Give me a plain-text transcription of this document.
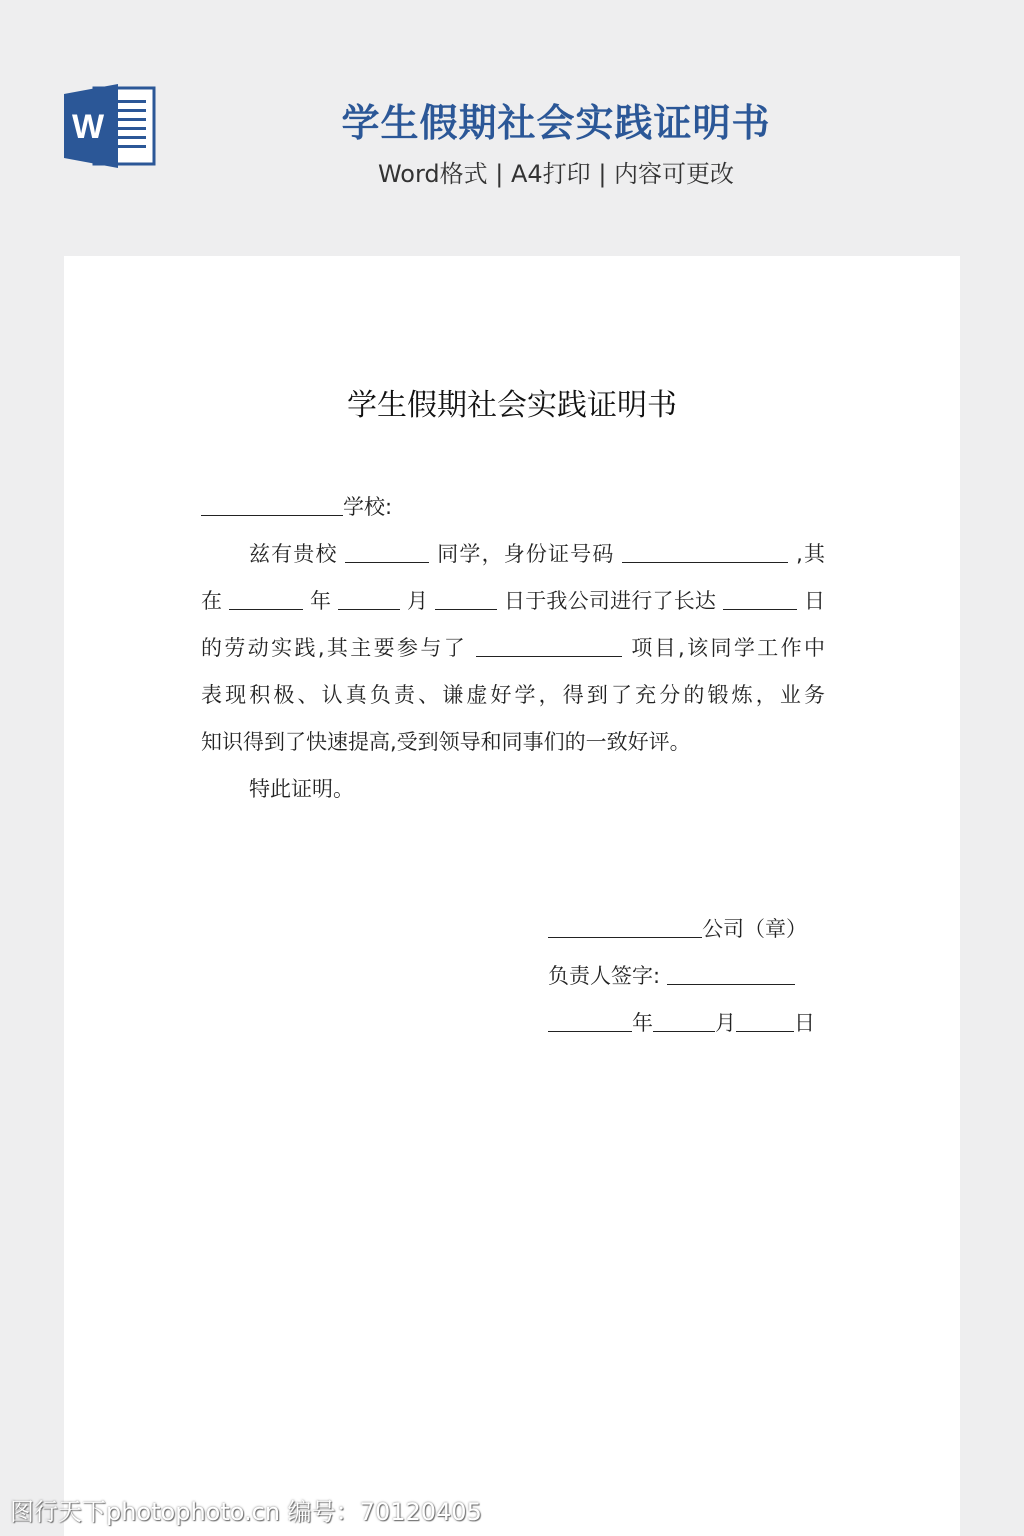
W	学生假期社会实践证明书
Word格式 | A4打印 | 内容可更改
学生假期社会实践证明书
学校:
兹有贵校	同学，身份证号码	,其
在	年	月	日于我公司进行了长达	日
的劳动实践,其主要参与了	项目,该同学工作中
表现积极、认真负责、谦虚好学，得到了充分的锻炼，业务
知识得到了快速提高,受到领导和同事们的一致好评。
特此证明。
公司（章）
负责人签字:
年	月	日
图行天下photophoto.cn 编号：70120405
